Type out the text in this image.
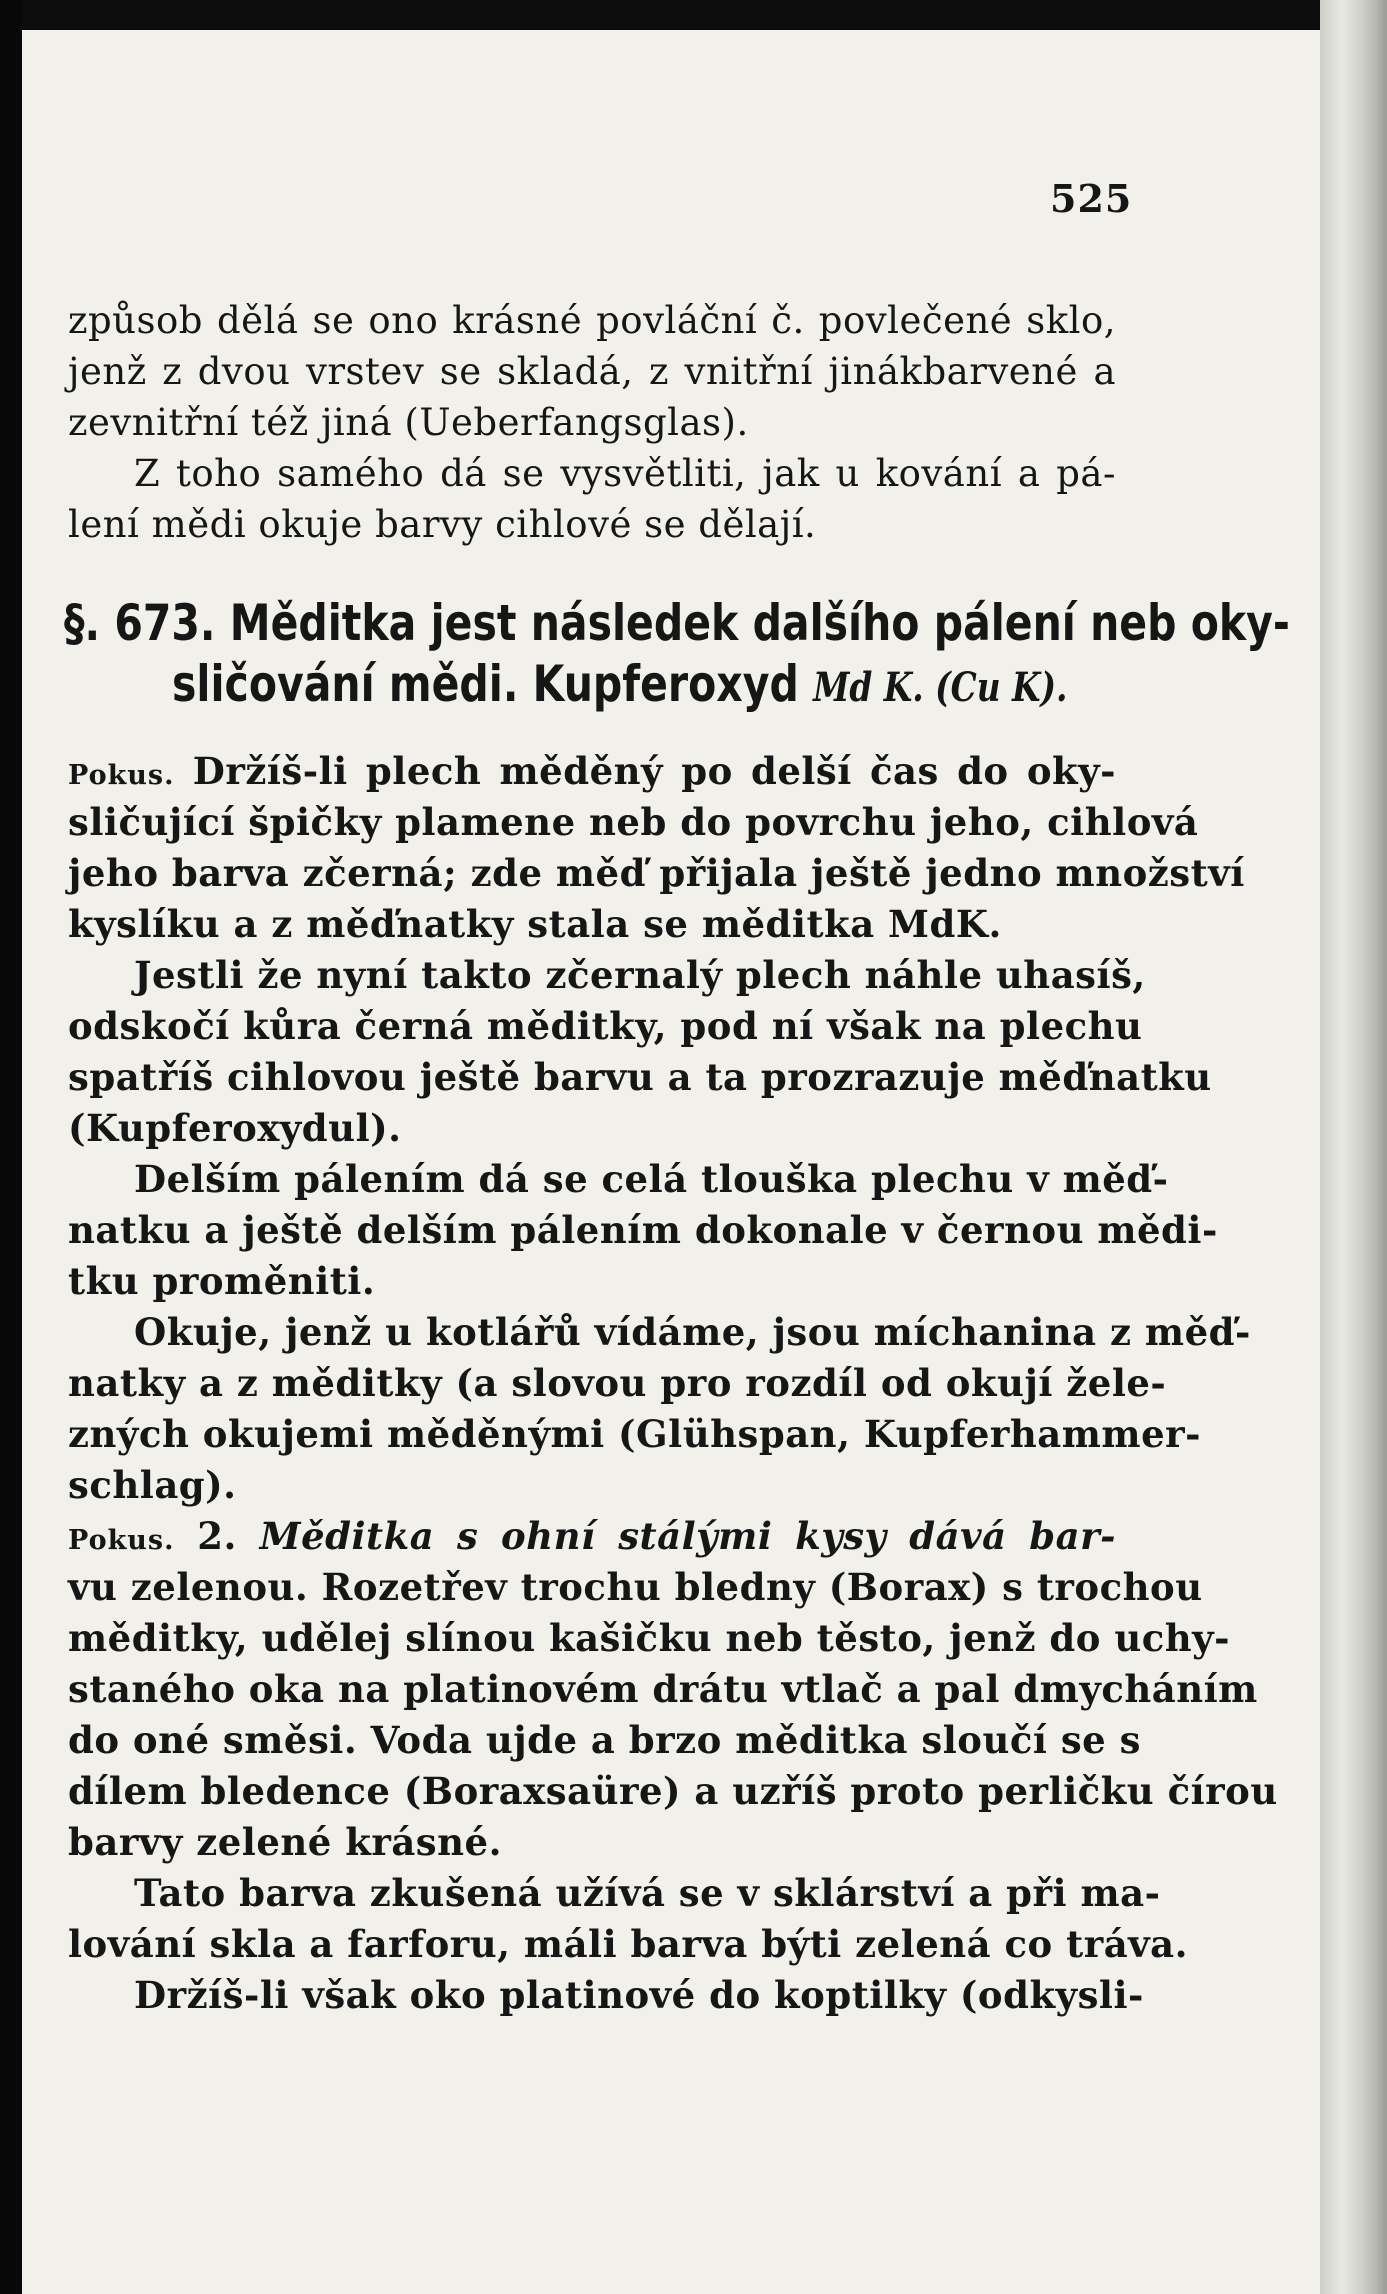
525
způsob dělá se ono krásné povláční č. povlečené sklo,
jenž z dvou vrstev se skladá, z vnitřní jinákbarvené a
zevnitřní též jiná (Ueberfangsglas).
Z toho samého dá se vysvětliti, jak u kování a pá-
lení mědi okuje barvy cihlové se dělají.
§. 673. Měditka jest následek dalšího pálení neb oky-
sličování mědi. Kupferoxyd Md K. (Cu K).
Pokus. Držíš-li plech měděný po delší čas do oky-
sličující špičky plamene neb do povrchu jeho, cihlová
jeho barva zčerná; zde měď přijala ještě jedno množství
kyslíku a z měďnatky stala se měditka MdK.
Jestli že nyní takto zčernalý plech náhle uhasíš,
odskočí kůra černá měditky, pod ní však na plechu
spatříš cihlovou ještě barvu a ta prozrazuje měďnatku
(Kupferoxydul).
Delším pálením dá se celá tlouška plechu v měď-
natku a ještě delším pálením dokonale v černou mědi-
tku proměniti.
Okuje, jenž u kotlářů vídáme, jsou míchanina z měď-
natky a z měditky (a slovou pro rozdíl od okují žele-
zných okujemi měděnými (Glühspan, Kupferhammer-
schlag).
Pokus. 2. Měditka s ohní stálými kysy dává bar-
vu zelenou. Rozetřev trochu bledny (Borax) s trochou
měditky, udělej slínou kašičku neb těsto, jenž do uchy-
staného oka na platinovém drátu vtlač a pal dmycháním
do oné směsi. Voda ujde a brzo měditka sloučí se s
dílem bledence (Boraxsaüre) a uzříš proto perličku čírou
barvy zelené krásné.
Tato barva zkušená užívá se v sklárství a při ma-
lování skla a farforu, máli barva býti zelená co tráva.
Držíš-li však oko platinové do koptilky (odkysli-
